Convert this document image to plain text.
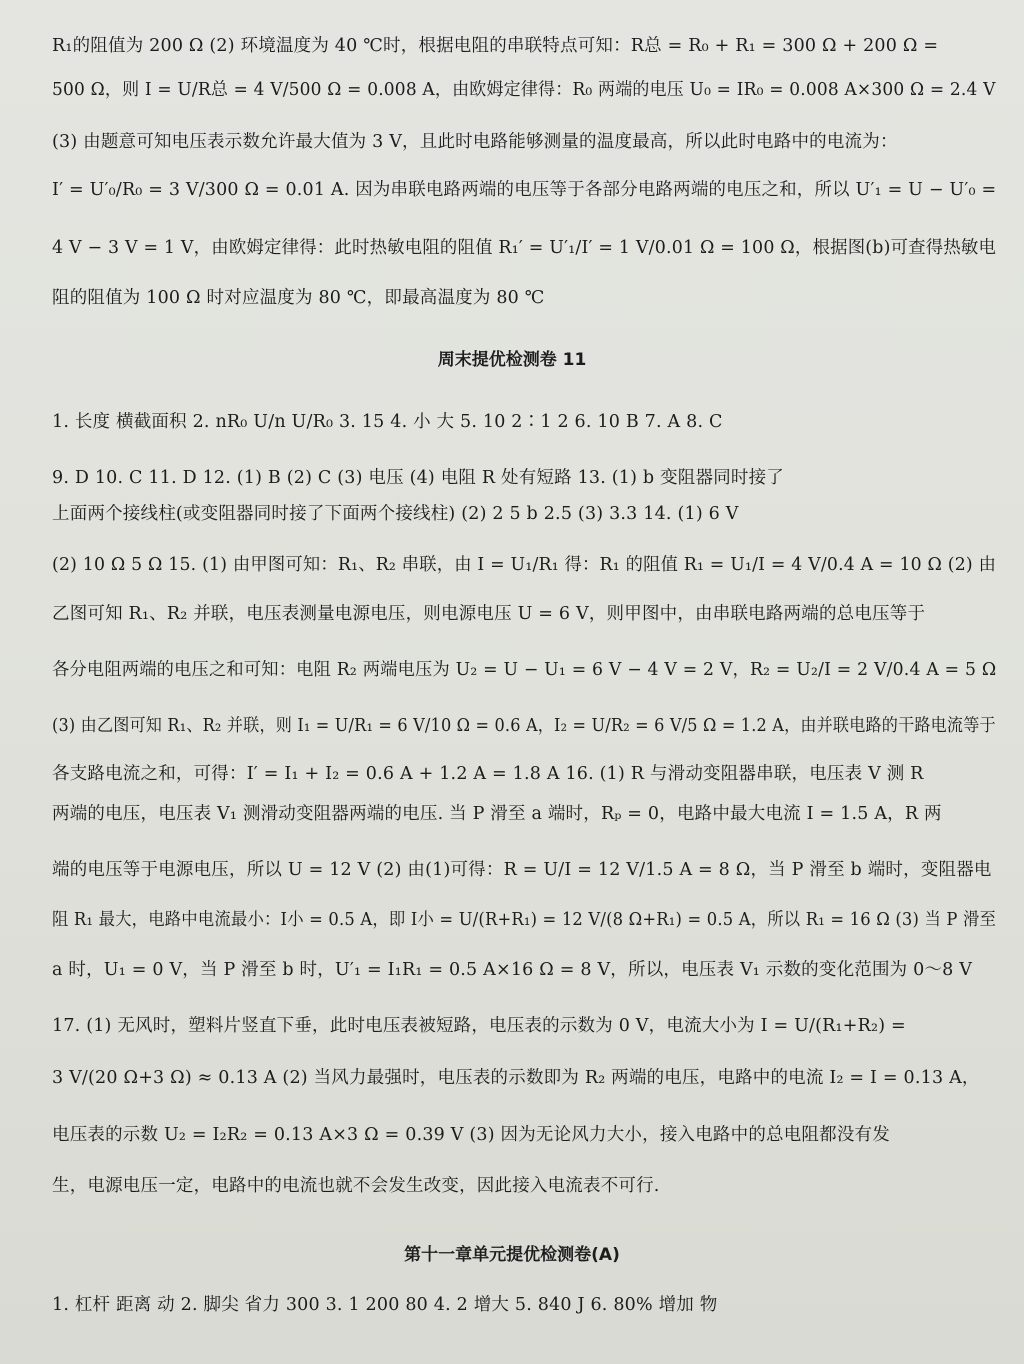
R₁的阻值为 200 Ω (2) 环境温度为 40 ℃时，根据电阻的串联特点可知：R总 = R₀ + R₁ = 300 Ω + 200 Ω =
500 Ω，则 I = U/R总 = 4 V/500 Ω = 0.008 A，由欧姆定律得：R₀ 两端的电压 U₀ = IR₀ = 0.008 A×300 Ω = 2.4 V
(3) 由题意可知电压表示数允许最大值为 3 V，且此时电路能够测量的温度最高，所以此时电路中的电流为：
I′ = U′₀/R₀ = 3 V/300 Ω = 0.01 A. 因为串联电路两端的电压等于各部分电路两端的电压之和，所以 U′₁ = U − U′₀ =
4 V − 3 V = 1 V，由欧姆定律得：此时热敏电阻的阻值 R₁′ = U′₁/I′ = 1 V/0.01 Ω = 100 Ω，根据图(b)可查得热敏电
阻的阻值为 100 Ω 时对应温度为 80 ℃，即最高温度为 80 ℃
周末提优检测卷 11
1. 长度 横截面积 2. nR₀ U/n U/R₀ 3. 15 4. 小 大 5. 10 2∶1 2 6. 10 B 7. A 8. C
9. D 10. C 11. D 12. (1) B (2) C (3) 电压 (4) 电阻 R 处有短路 13. (1) b 变阻器同时接了
上面两个接线柱(或变阻器同时接了下面两个接线柱) (2) 2 5 b 2.5 (3) 3.3 14. (1) 6 V
(2) 10 Ω 5 Ω 15. (1) 由甲图可知：R₁、R₂ 串联，由 I = U₁/R₁ 得：R₁ 的阻值 R₁ = U₁/I = 4 V/0.4 A = 10 Ω (2) 由
乙图可知 R₁、R₂ 并联，电压表测量电源电压，则电源电压 U = 6 V，则甲图中，由串联电路两端的总电压等于
各分电阻两端的电压之和可知：电阻 R₂ 两端电压为 U₂ = U − U₁ = 6 V − 4 V = 2 V，R₂ = U₂/I = 2 V/0.4 A = 5 Ω
(3) 由乙图可知 R₁、R₂ 并联，则 I₁ = U/R₁ = 6 V/10 Ω = 0.6 A，I₂ = U/R₂ = 6 V/5 Ω = 1.2 A，由并联电路的干路电流等于
各支路电流之和，可得：I′ = I₁ + I₂ = 0.6 A + 1.2 A = 1.8 A 16. (1) R 与滑动变阻器串联，电压表 V 测 R
两端的电压，电压表 V₁ 测滑动变阻器两端的电压. 当 P 滑至 a 端时，Rₚ = 0，电路中最大电流 I = 1.5 A，R 两
端的电压等于电源电压，所以 U = 12 V (2) 由(1)可得：R = U/I = 12 V/1.5 A = 8 Ω，当 P 滑至 b 端时，变阻器电
阻 R₁ 最大，电路中电流最小：I小 = 0.5 A，即 I小 = U/(R+R₁) = 12 V/(8 Ω+R₁) = 0.5 A，所以 R₁ = 16 Ω (3) 当 P 滑至
a 时，U₁ = 0 V，当 P 滑至 b 时，U′₁ = I₁R₁ = 0.5 A×16 Ω = 8 V，所以，电压表 V₁ 示数的变化范围为 0～8 V
17. (1) 无风时，塑料片竖直下垂，此时电压表被短路，电压表的示数为 0 V，电流大小为 I = U/(R₁+R₂) =
3 V/(20 Ω+3 Ω) ≈ 0.13 A (2) 当风力最强时，电压表的示数即为 R₂ 两端的电压，电路中的电流 I₂ = I = 0.13 A，
电压表的示数 U₂ = I₂R₂ = 0.13 A×3 Ω = 0.39 V (3) 因为无论风力大小，接入电路中的总电阻都没有发
生，电源电压一定，电路中的电流也就不会发生改变，因此接入电流表不可行.
第十一章单元提优检测卷(A)
1. 杠杆 距离 动 2. 脚尖 省力 300 3. 1 200 80 4. 2 增大 5. 840 J 6. 80% 增加 物
